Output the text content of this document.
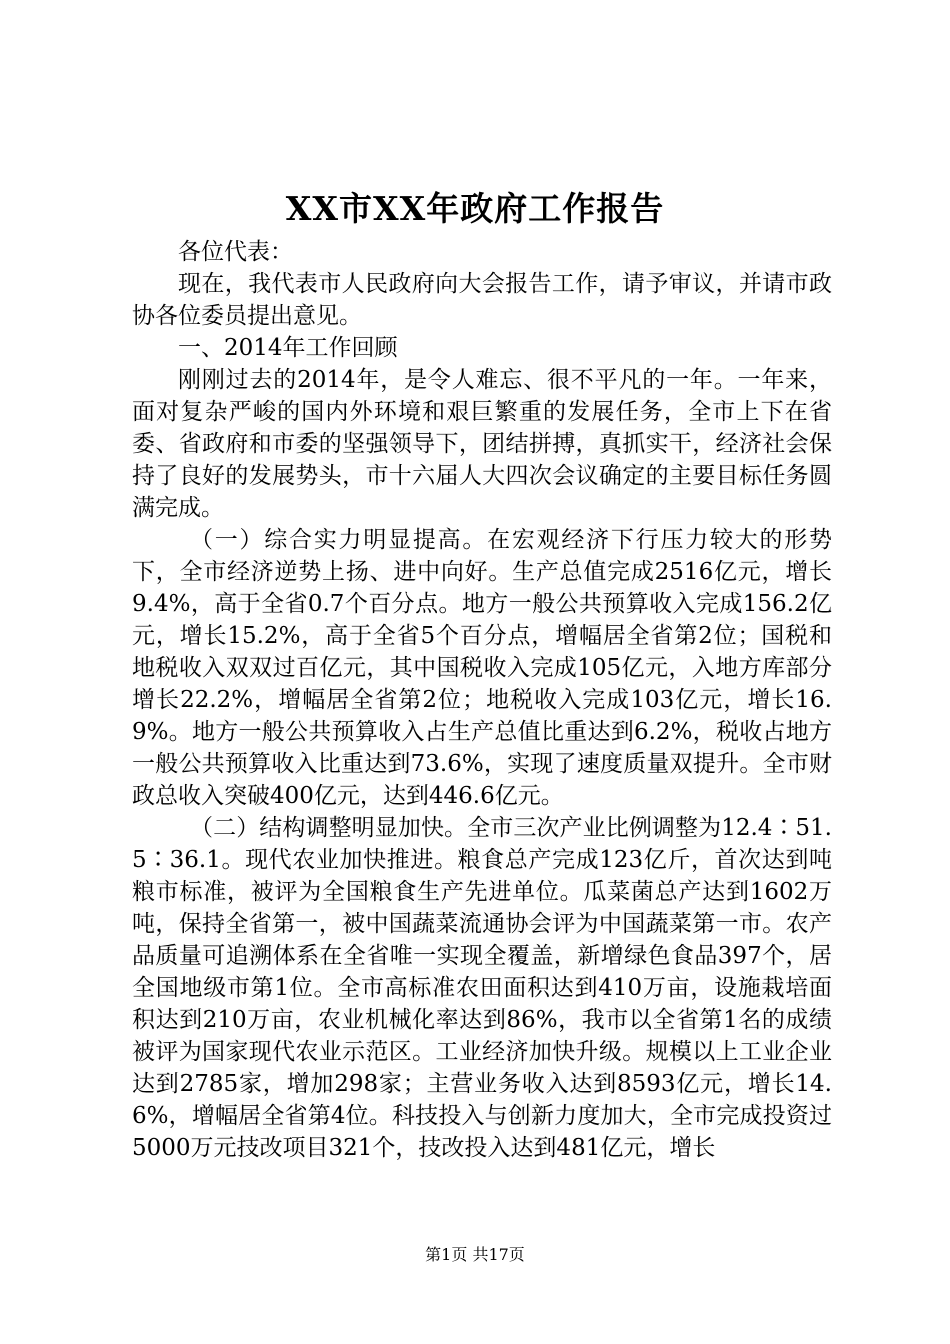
XX市XX年政府工作报告

各位代表：

现在，我代表市人民政府向大会报告工作，请予审议，并请市政协各位委员提出意见。

一、2014年工作回顾

刚刚过去的2014年，是令人难忘、很不平凡的一年。一年来，面对复杂严峻的国内外环境和艰巨繁重的发展任务，全市上下在省委、省政府和市委的坚强领导下，团结拼搏，真抓实干，经济社会保持了良好的发展势头，市十六届人大四次会议确定的主要目标任务圆满完成。

（一）综合实力明显提高。在宏观经济下行压力较大的形势下，全市经济逆势上扬、进中向好。生产总值完成2516亿元，增长9.4%，高于全省0.7个百分点。地方一般公共预算收入完成156.2亿元，增长15.2%，高于全省5个百分点，增幅居全省第2位；国税和地税收入双双过百亿元，其中国税收入完成105亿元，入地方库部分增长22.2%，增幅居全省第2位；地税收入完成103亿元，增长16.9%。地方一般公共预算收入占生产总值比重达到6.2%，税收占地方一般公共预算收入比重达到73.6%，实现了速度质量双提升。全市财政总收入突破400亿元，达到446.6亿元。

（二）结构调整明显加快。全市三次产业比例调整为12.4∶51.5∶36.1。现代农业加快推进。粮食总产完成123亿斤，首次达到吨粮市标准，被评为全国粮食生产先进单位。瓜菜菌总产达到1602万吨，保持全省第一，被中国蔬菜流通协会评为中国蔬菜第一市。农产品质量可追溯体系在全省唯一实现全覆盖，新增绿色食品397个，居全国地级市第1位。全市高标准农田面积达到410万亩，设施栽培面积达到210万亩，农业机械化率达到86%，我市以全省第1名的成绩被评为国家现代农业示范区。工业经济加快升级。规模以上工业企业达到2785家，增加298家；主营业务收入达到8593亿元，增长14.6%，增幅居全省第4位。科技投入与创新力度加大，全市完成投资过5000万元技改项目321个，技改投入达到481亿元，增长

第1页 共17页
